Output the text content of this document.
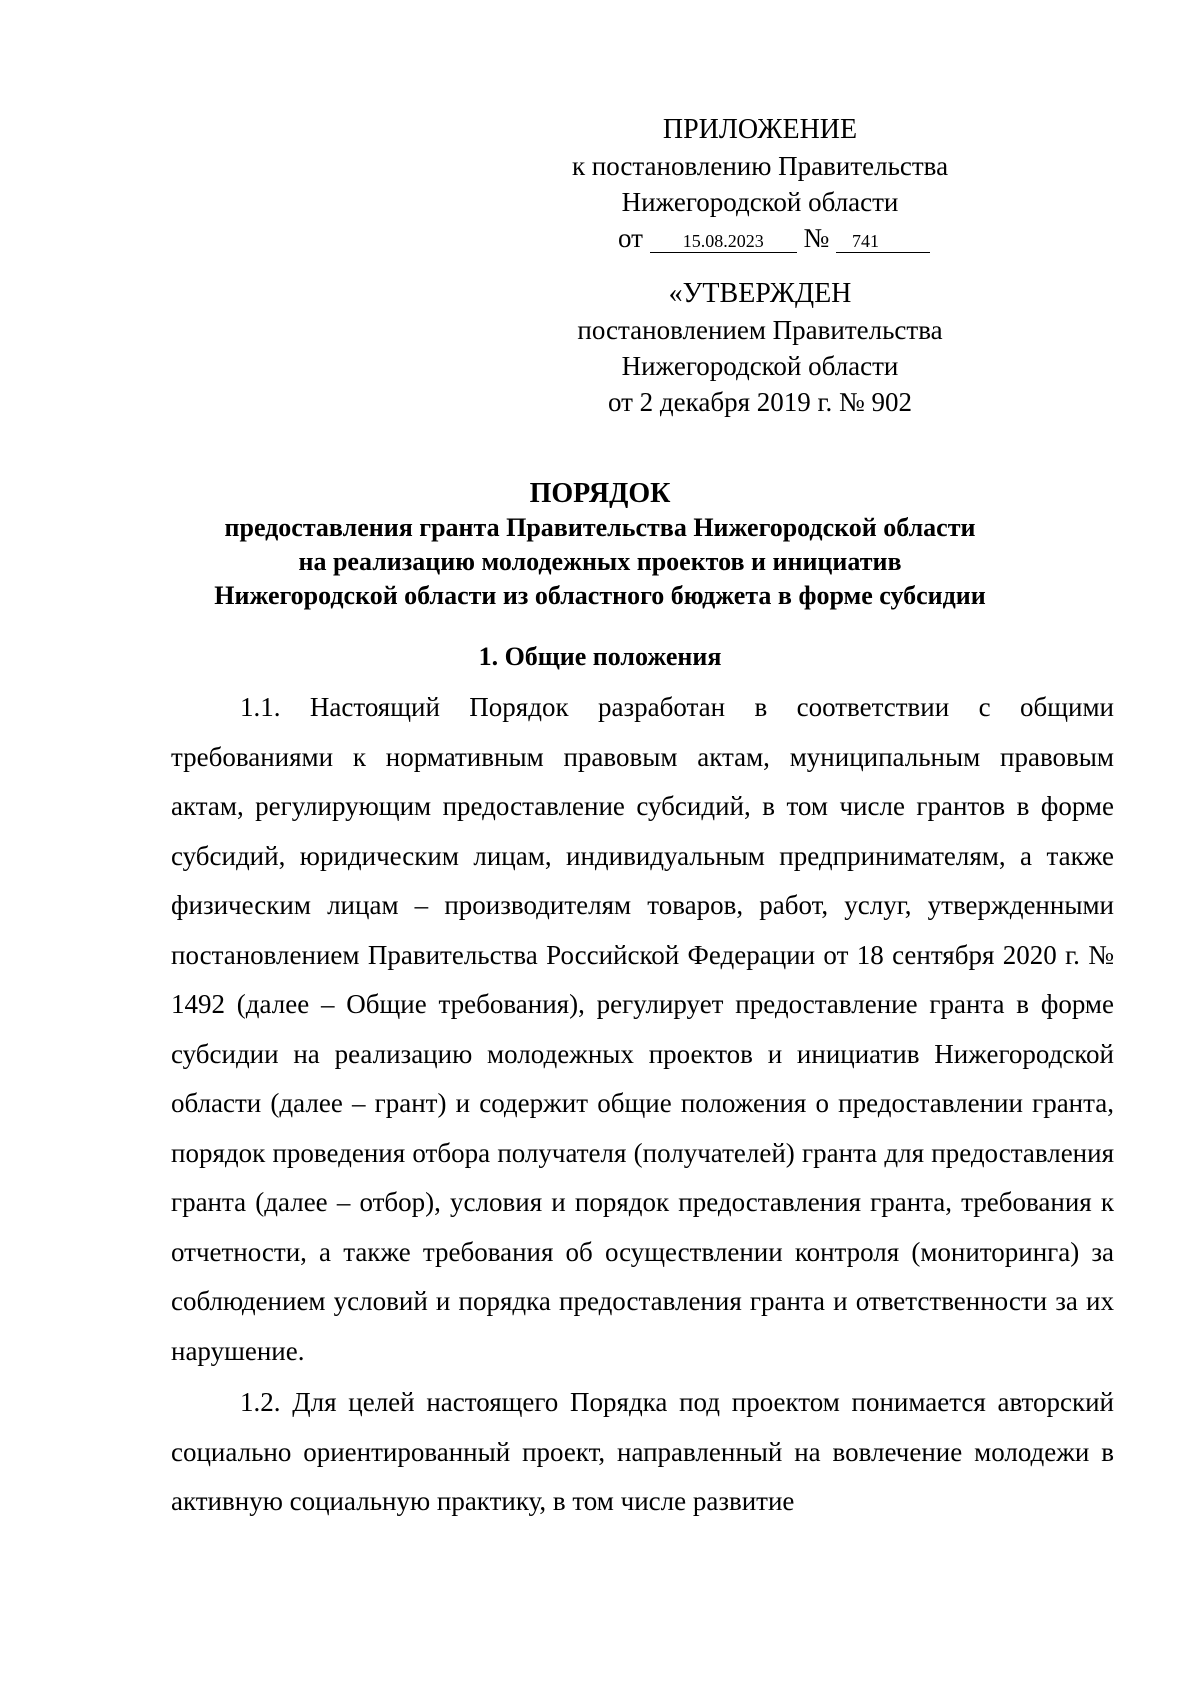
ПРИЛОЖЕНИЕ
к постановлению Правительства
Нижегородской области
от 15.08.2023 № 741
«УТВЕРЖДЕН
постановлением Правительства
Нижегородской области
от 2 декабря 2019 г. № 902
ПОРЯДОК
предоставления гранта Правительства Нижегородской области
на реализацию молодежных проектов и инициатив
Нижегородской области из областного бюджета в форме субсидии
1. Общие положения

1.1. Настоящий Порядок разработан в соответствии с общими требованиями к нормативным правовым актам, муниципальным правовым актам, регулирующим предоставление субсидий, в том числе грантов в форме субсидий, юридическим лицам, индивидуальным предпринимателям, а также физическим лицам – производителям товаров, работ, услуг, утвержденными постановлением Правительства Российской Федерации от 18 сентября 2020 г. № 1492 (далее – Общие требования), регулирует предоставление гранта в форме субсидии на реализацию молодежных проектов и инициатив Нижегородской области (далее – грант) и содержит общие положения о предоставлении гранта, порядок проведения отбора получателя (получателей) гранта для предоставления гранта (далее – отбор), условия и порядок предоставления гранта, требования к отчетности, а также требования об осуществлении контроля (мониторинга) за соблюдением условий и порядка предоставления гранта и ответственности за их нарушение.

1.2. Для целей настоящего Порядка под проектом понимается авторский социально ориентированный проект, направленный на вовлечение молодежи в активную социальную практику, в том числе развитие
